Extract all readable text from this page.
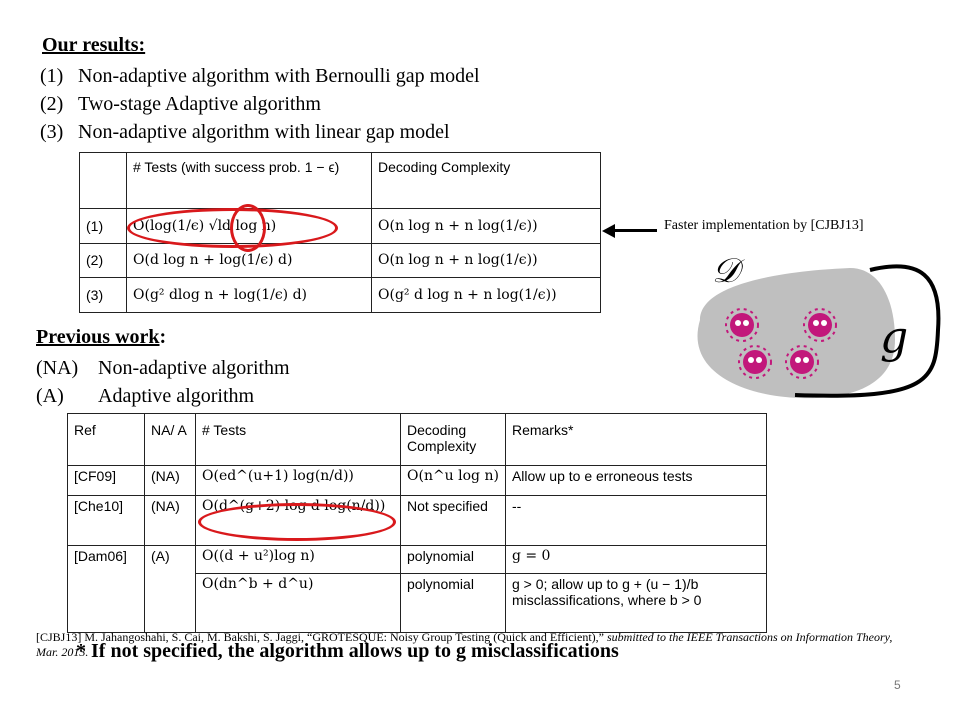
Our results:
(1) Non-adaptive algorithm with Bernoulli gap model
(2) Two-stage Adaptive algorithm
(3) Non-adaptive algorithm with linear gap model
	# Tests (with success prob. 1 − ϵ)	Decoding Complexity
(1)	O(log(1/ϵ) √ld log n)	O(n log n + n log(1/ϵ))
(2)	O(d log n + log(1/ϵ) d)	O(n log n + n log(1/ϵ))
(3)	O(g² dlog n + log(1/ϵ) d)	O(g² d log n + n log(1/ϵ))
Faster implementation by [CJBJ13]
𝒟
g
Previous work:
(NA) Non-adaptive algorithm
(A)	Adaptive algorithm
Ref	NA/ A	# Tests	Decoding Complexity	Remarks*
[CF09]	(NA)	O(ed^(u+1) log(n/d))	O(n^u log n)	Allow up to e erroneous tests
[Che10]	(NA)	O(d^(g+2) log d log(n/d))	Not specified	--
[Dam06]	(A)	O((d + u²)log n)	polynomial	g = 0
		O(dn^b + d^u)	polynomial	g > 0; allow up to g + (u − 1)/b misclassifications, where b > 0
[CJBJ13] M. Jahangoshahi, S. Cai, M. Bakshi, S. Jaggi, “GROTESQUE: Noisy Group Testing (Quick and Efficient),” submitted to the IEEE Transactions on Information Theory, Mar. 2013.
* If not specified, the algorithm allows up to g misclassifications
5
